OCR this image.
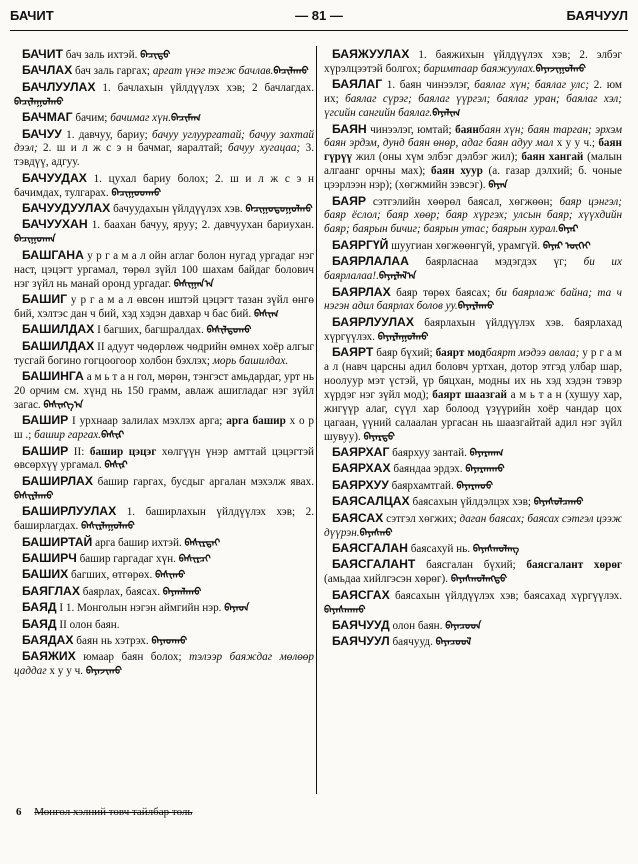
БАЧИТ	— 81 —	БАЯЧУУЛ
БАЧИТ бач заль ихтэй. ᠪᠠᠴᠢᠲᠤ
БАЧЛАХ бач заль гаргах; аргат үнэг тэгж бачлав.ᠪᠠᠴᠢᠯᠠᠬᠤ
БАЧЛУУЛАХ 1. бачлахын үйлдүүлэх хэв; 2 бачлагдах. ᠪᠠᠴᠢᠯᠠᠭᠤᠯᠬᠤ
БАЧМАГ бачим; бачимаг хүн.ᠪᠠᠴᠢᠮᠠᠭ
БАЧУУ 1. давчуу, бариу; бачуу углуургатай; бачуу захтай дээл; 2. ш и л ж с э н бачмаг, яаралтай; бачуу хугацаа; 3. тэвдүү, адгуу.
БАЧУУДАХ 1. цухал бариу болох; 2. ш и л ж с э н бачимдах, тулгарах. ᠪᠠᠴᠢᠭᠤᠳᠬᠤ
БАЧУУДУУЛАХ бачуудахын үйлдүүлэх хэв. ᠪᠠᠴᠢᠭᠤᠳᠤᠭᠤᠯᠬᠤ
БАЧУУХАН 1. баахан бачуу, яруу; 2. давчуухан бариухан. ᠪᠠᠴᠢᠭᠤᠬᠠᠨ
БАШГАНА у р г а м а л ойн аглаг болон нугад ургадаг нэг наст, цэцэгт ургамал, төрөл зүйл 100 шахам байдаг болович нэг зүйл нь манай оронд ургадаг. ᠪᠠᠰᠢᠭᠠᠨ᠎ᠠ
БАШИГ у р г а м а л өвсөн иштэй цэцэгт тазан зүйл өнгө бий, хэлтэс дан ч бий, хэд хэдэн давхар ч бас бий. ᠪᠠᠰᠢᠭ
БАШИЛДАХ I багших, багшралдах. ᠪᠠᠰᠢᠯᠳᠤᠬᠤ
БАШИЛДАХ II адуут чөдөрлөж чөдрийн өмнөх хоёр алгыг тусгай богино гогцоогоор холбон бэхлэх; морь башилдах.
БАШИНГА а м ь т а н гол, мөрөн, тэнгэст амьдардаг, урт нь 20 орчим см. хүнд нь 150 грамм, авлаж ашигладаг нэг зүйл загас. ᠪᠠᠰᠢᠩᠭ᠎ᠠ
БАШИР I урхнаар залилах мэхлэх арга; арга башир х о р ш .; башир гаргах.ᠪᠠᠰᠢᠷ
БАШИР II: башир цэцэг хөлгүүн үнэр амттай цэцэгтэй өвсөрхүү ургамал. ᠪᠠᠰᠢᠷ
БАШИРЛАХ башир гаргах, бусдыг аргалан мэхэлж явах. ᠪᠠᠰᠢᠷᠯᠠᠬᠤ
БАШИРЛУУЛАХ 1. баширлахын үйлдүүлэх хэв; 2. баширлагдах. ᠪᠠᠰᠢᠷᠯᠠᠭᠤᠯᠬᠤ
БАШИРТАЙ арга башир ихтэй. ᠪᠠᠰᠢᠷᠲᠠᠢ
БАШИРЧ башир гаргадаг хүн. ᠪᠠᠰᠢᠷᠴᠢ
БАШИХ багших, өтгөрөх. ᠪᠠᠰᠢᠬᠤ
БАЯГЛАХ баярлах, баясах. ᠪᠠᠶᠠᠭᠯᠠᠬᠤ
БАЯД I 1. Монголын нэгэн аймгийн нэр. ᠪᠠᠶᠠᠳ
БАЯД II олон баян.
БАЯДАХ баян нь хэтрэх. ᠪᠠᠶᠠᠳᠬᠤ
БАЯЖИХ юмаар баян болох; тэлээр баяждаг мөлөөр цаддаг х у у ч. ᠪᠠᠶᠠᠵᠢᠬᠤ
БАЯЖУУЛАХ 1. баяжихын үйлдүүлэх хэв; 2. элбэг хүрэлцээтэй болгох; баримтаар баяжуулах.ᠪᠠᠶᠠᠵᠢᠭᠤᠯᠬᠤ
БАЯЛАГ 1. баян чинээлэг, баялаг хүн; баялаг улс; 2. юм их; баялаг сүрэг; баялаг үүргэл; баялаг уран; баялаг хэл; үгсийн сангийн баялаг.ᠪᠠᠶᠠᠯᠢᠭ
БАЯН чинээлэг, юмтай; баянбаян хүн; баян тарган; эрхэм баян эрдэм, дунд баян өнөр, адаг баян адуу мал х у у ч.; баян гүрүү жил (оны хүм элбэг дэлбэг жил); баян хангай (малын алгаанг орчны мах); баян хуур (а. газар дэлхий; б. чоные цээрлээн нэр); (хөгжмийн зэвсэг). ᠪᠠᠶᠠᠨ
БАЯР сэтгэлийн хөөрөл баясал, хөгжөөн; баяр цэнгэл; баяр ёслол; баяр хөөр; баяр хүргэх; улсын баяр; хүүхдийн баяр; баярын бичиг; баярын утас; баярын хурал.ᠪᠠᠶᠠᠷ
БАЯРГҮЙ шуугиан хөгжөөнгүй, урамгүй. ᠪᠠᠶᠠᠷ ᠦᠭᠡᠢ
БАЯРЛАЛАА баярласнаа мэдэгдэх үг; би их баярлалаа!.ᠪᠠᠶᠠᠷᠯᠠᠯ᠎ᠠ
БАЯРЛАХ баяр төрөх баясах; би баярлаж байна; та ч нэгэн адил баярлах болов уу.ᠪᠠᠶᠠᠷᠯᠠᠬᠤ
БАЯРЛУУЛАХ баярлахын үйлдүүлэх хэв. баярлахад хүргүүлэх. ᠪᠠᠶᠠᠷᠯᠠᠭᠤᠯᠬᠤ
БАЯРТ баяр бүхий; баярт модбаярт мэдээ авлаа; у р г а м а л (навч царсны адил боловч уртхан, дотор этгэд улбар шар, ноолуур мэт үстэй, үр бяцхан, модны их нь хэд хэдэн тэвэр хүрдэг нэг зүйл мод); баярт шаазгай а м ь т а н (хушуу хар, жигүүр алаг, сүүл хар болоод үзүүрийн хоёр чандар цох цагаан, үүний салаалан ургасан нь шаазгайтай адил нэг зүйл шувуу). ᠪᠠᠶᠠᠷᠲᠤ
БАЯРХАГ баярхуу зантай. ᠪᠠᠶᠠᠷᠬᠠᠭ
БАЯРХАХ баяндаа эрдэх. ᠪᠠᠶᠠᠷᠬᠠᠬᠤ
БАЯРХУУ баярхамтгай. ᠪᠠᠶᠠᠷᠬᠤᠤ
БАЯСАЛЦАХ баясахын үйлдэлцэх хэв; ᠪᠠᠶᠠᠰᠤᠯᠴᠠᠬᠤ
БАЯСАХ сэтгэл хөгжих; даган баясах; баясах сэтгэл цээж дүүрэн.ᠪᠠᠶᠠᠰᠬᠤ
БАЯСГАЛАН баясахуй нь. ᠪᠠᠶᠠᠰᠭᠤᠯᠠᠩ
БАЯСГАЛАНТ баясгалан бүхий; баясгалант хөрөг (амьдаа хийлгэсэн хөрөг). ᠪᠠᠶᠠᠰᠭᠤᠯᠠᠩᠲᠤ
БАЯСГАХ баясахын үйлдүүлэх хэв; баясахад хүргүүлэх. ᠪᠠᠶᠠᠰᠬᠠᠬᠤ
БАЯЧУУД олон баян. ᠪᠠᠶᠠᠴᠤᠳ
БАЯЧУУЛ баячууд. ᠪᠠᠶᠠᠴᠤᠤᠯ
6 Монгол хэлний товч тайлбар толь
